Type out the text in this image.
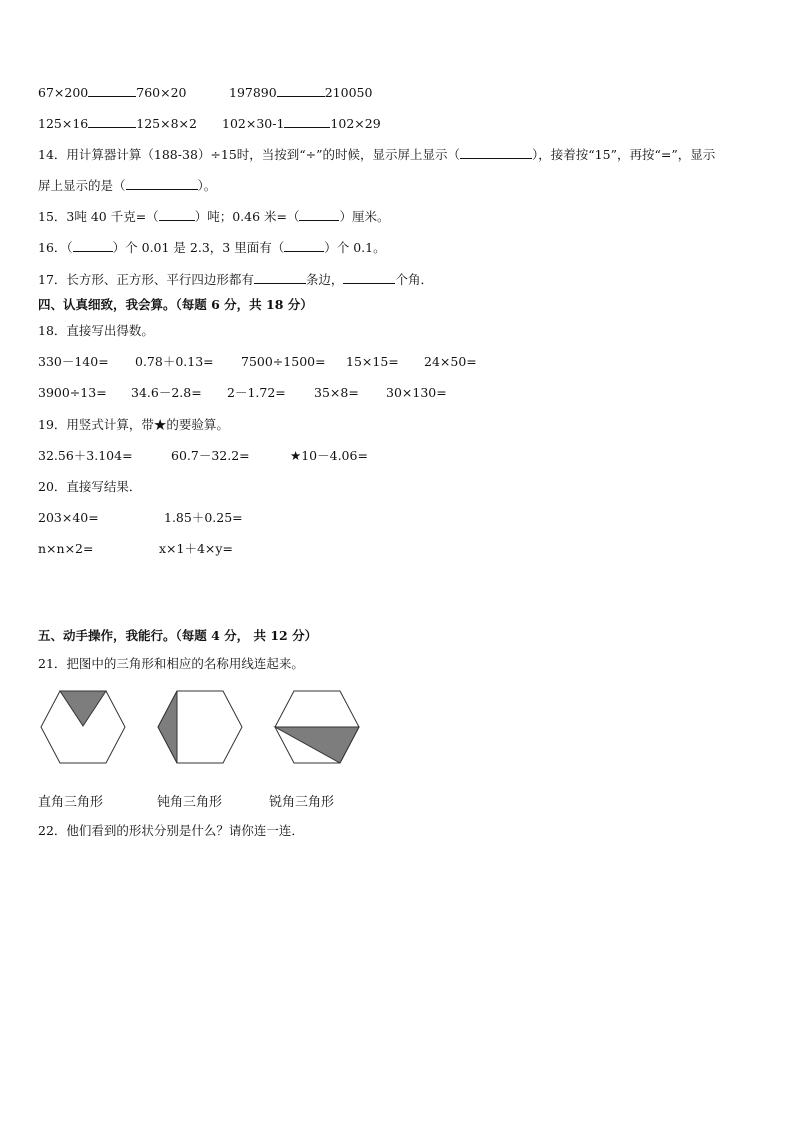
67×200	760×20	197890	210050
125×16	125×8×2 102×30-1	102×29
14．用计算器计算（188-38）÷15时，当按到“÷”的时候，显示屏上显示（	），接着按“15”，再按“=”，显示
屏上显示的是（	）。
15．3吨 40 千克=（	）吨；0.46 米=（	）厘米。
16．（	）个 0.01 是 2.3，3 里面有（	）个 0.1。
17．长方形、正方形、平行四边形都有	条边，	个角．
四、认真细致，我会算。（每题 6 分，共 18 分）
18．直接写出得数。
330－140= 0.78＋0.13= 7500÷1500= 15×15= 24×50=
3900÷13= 34.6－2.8= 2－1.72= 35×8= 30×130=
19．用竖式计算，带★的要验算。
32.56＋3.104=	60.7－32.2=	★10－4.06=
20．直接写结果．
203×40=	1.85＋0.25=
n×n×2=	x×1＋4×y=
五、动手操作，我能行。（每题 4 分， 共 12 分）
21．把图中的三角形和相应的名称用线连起来。
直角三角形	钝角三角形	锐角三角形
22．他们看到的形状分别是什么？请你连一连．
